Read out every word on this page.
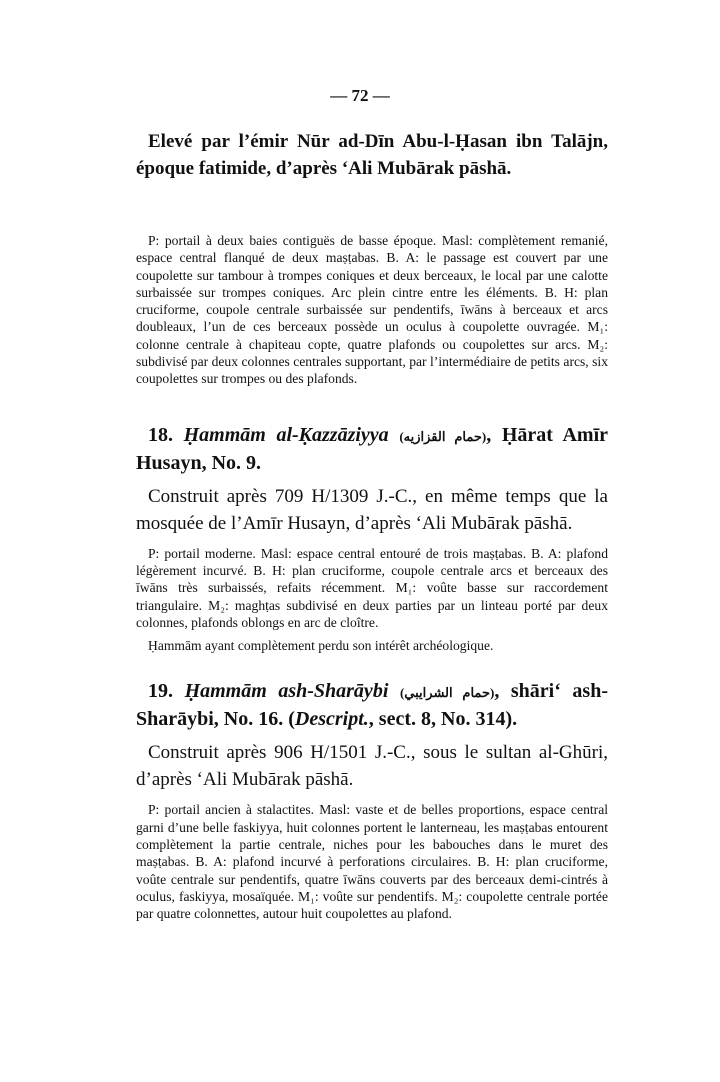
— 72 —
Elevé par l’émir Nūr ad-Dīn Abu-l-Ḥasan ibn Talājn, époque fatimide, d’après ‘Ali Mubārak pāshā.
P: portail à deux baies contiguës de basse époque. Masl: complètement remanié, espace central flanqué de deux maṣṭabas. B. A: le passage est couvert par une coupolette sur tambour à trompes coniques et deux berceaux, le local par une calotte surbaissée sur trompes coniques. Arc plein cintre entre les éléments. B. H: plan cruciforme, coupole centrale surbaissée sur pendentifs, īwāns à berceaux et arcs doubleaux, l’un de ces berceaux possède un oculus à coupolette ouvragée. M₁: colonne centrale à chapiteau copte, quatre plafonds ou coupolettes sur arcs. M₂: subdivisé par deux colonnes centrales supportant, par l’intermédiaire de petits arcs, six coupolettes sur trompes ou des plafonds.
18. Ḥammām al-Ḳazzāziyya (حمام القزازيه), Ḥārat Amīr Husayn, No. 9.
Construit après 709 H/1309 J.-C., en même temps que la mosquée de l’Amīr Husayn, d’après ‘Ali Mubārak pāshā.
P: portail moderne. Masl: espace central entouré de trois maṣṭabas. B. A: plafond légèrement incurvé. B. H: plan cruciforme, coupole centrale arcs et berceaux des īwāns très surbaissés, refaits récemment. M₁: voûte basse sur raccordement triangulaire. M₂: maghṭas subdivisé en deux parties par un linteau porté par deux colonnes, plafonds oblongs en arc de cloître.
Ḥammām ayant complètement perdu son intérêt archéologique.
19. Ḥammām ash-Sharāybi (حمام الشرايبي), shāri‘ ash-Sharāybi, No. 16. (Descript., sect. 8, No. 314).
Construit après 906 H/1501 J.-C., sous le sultan al-Ghūri, d’après ‘Ali Mubārak pāshā.
P: portail ancien à stalactites. Masl: vaste et de belles proportions, espace central garni d’une belle faskiyya, huit colonnes portent le lanterneau, les maṣṭabas entourent complètement la partie centrale, niches pour les babouches dans le muret des maṣṭabas. B. A: plafond incurvé à perforations circulaires. B. H: plan cruciforme, voûte centrale sur pendentifs, quatre īwāns couverts par des berceaux demi-cintrés à oculus, faskiyya, mosaïquée. M₁: voûte sur pendentifs. M₂: coupolette centrale portée par quatre colonnettes, autour huit coupolettes au plafond.
